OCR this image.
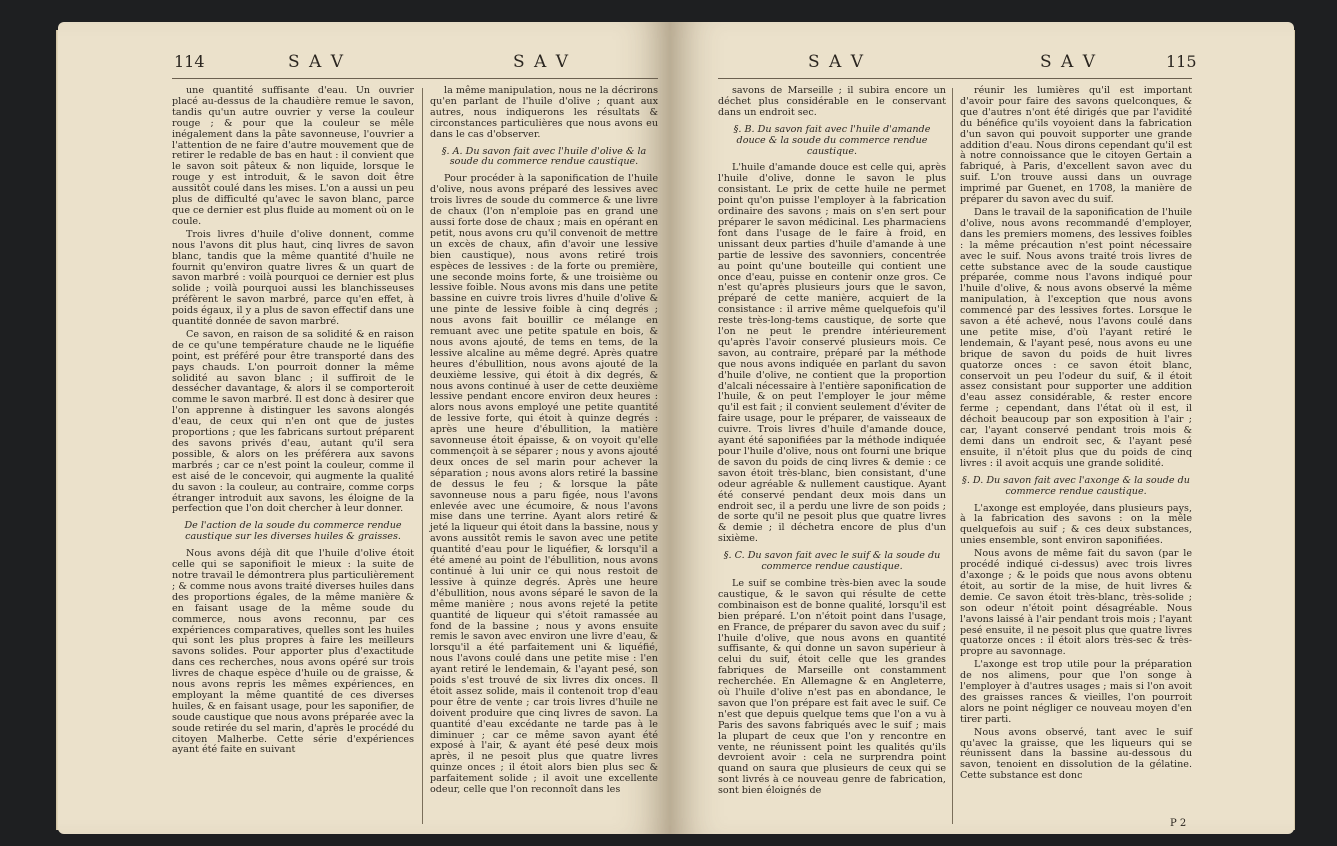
114	S A V	S A V

une quantité suffisante d'eau. Un ouvrier placé au-dessus de la chaudière remue le savon, tandis qu'un autre ouvrier y verse la couleur rouge ; & pour que la couleur se mêle inégalement dans la pâte savonneuse, l'ouvrier a l'attention de ne faire d'autre mouvement que de retirer le redable de bas en haut : il convient que le savon soit pâteux & non liquide, lorsque le rouge y est introduit, & le savon doit être aussitôt coulé dans les mises. L'on a aussi un peu plus de difficulté qu'avec le savon blanc, parce que ce dernier est plus fluide au moment où on le coule.

Trois livres d'huile d'olive donnent, comme nous l'avons dit plus haut, cinq livres de savon blanc, tandis que la même quantité d'huile ne fournit qu'environ quatre livres & un quart de savon marbré : voilà pourquoi ce dernier est plus solide ; voilà pourquoi aussi les blanchisseuses préfèrent le savon marbré, parce qu'en effet, à poids égaux, il y a plus de savon effectif dans une quantité donnée de savon marbré.

Ce savon, en raison de sa solidité & en raison de ce qu'une température chaude ne le liquéfie point, est préféré pour être transporté dans des pays chauds. L'on pourroit donner la même solidité au savon blanc ; il suffiroit de le dessécher davantage, & alors il se comporteroit comme le savon marbré. Il est donc à desirer que l'on apprenne à distinguer les savons alongés d'eau, de ceux qui n'en ont que de justes proportions ; que les fabricans surtout préparent des savons privés d'eau, autant qu'il sera possible, & alors on les préférera aux savons marbrés ; car ce n'est point la couleur, comme il est aisé de le concevoir, qui augmente la qualité du savon : la couleur, au contraire, comme corps étranger introduit aux savons, les éloigne de la perfection que l'on doit chercher à leur donner.

De l'action de la soude du commerce rendue caustique sur les diverses huiles & graisses.

Nous avons déjà dit que l'huile d'olive étoit celle qui se saponifioit le mieux : la suite de notre travail le démontrera plus particulièrement ; & comme nous avons traité diverses huiles dans des proportions égales, de la même manière & en faisant usage de la même soude du commerce, nous avons reconnu, par ces expériences comparatives, quelles sont les huiles qui sont les plus propres à faire les meilleurs savons solides. Pour apporter plus d'exactitude dans ces recherches, nous avons opéré sur trois livres de chaque espèce d'huile ou de graisse, & nous avons repris les mêmes expériences, en employant la même quantité de ces diverses huiles, & en faisant usage, pour les saponifier, de soude caustique que nous avons préparée avec la soude retirée du sel marin, d'après le procédé du citoyen Malherbe. Cette série d'expériences ayant été faite en suivant

la même manipulation, nous ne la décrirons qu'en parlant de l'huile d'olive ; quant aux autres, nous indiquerons les résultats & circonstances particulières que nous avons eu dans le cas d'observer.

§. A. Du savon fait avec l'huile d'olive & la soude du commerce rendue caustique.

Pour procéder à la saponification de l'huile d'olive, nous avons préparé des lessives avec trois livres de soude du commerce & une livre de chaux (l'on n'emploie pas en grand une aussi forte dose de chaux ; mais en opérant en petit, nous avons cru qu'il convenoit de mettre un excès de chaux, afin d'avoir une lessive bien caustique), nous avons retiré trois espèces de lessives : de la forte ou première, une seconde moins forte, & une troisième ou lessive foible. Nous avons mis dans une petite bassine en cuivre trois livres d'huile d'olive & une pinte de lessive foible à cinq degrés ; nous avons fait bouillir ce mélange en remuant avec une petite spatule en bois, & nous avons ajouté, de tems en tems, de la lessive alcaline au même degré. Après quatre heures d'ébullition, nous avons ajouté de la deuxième lessive, qui étoit à dix degrés, & nous avons continué à user de cette deuxième lessive pendant encore environ deux heures : alors nous avons employé une petite quantité de lessive forte, qui étoit à quinze degrés : après une heure d'ébullition, la matière savonneuse étoit épaisse, & on voyoit qu'elle commençoit à se séparer ; nous y avons ajouté deux onces de sel marin pour achever la séparation ; nous avons alors retiré la bassine de dessus le feu ; & lorsque la pâte savonneuse nous a paru figée, nous l'avons enlevée avec une écumoire, & nous l'avons mise dans une terrine. Ayant alors retiré & jeté la liqueur qui étoit dans la bassine, nous y avons aussitôt remis le savon avec une petite quantité d'eau pour le liquéfier, & lorsqu'il a été amené au point de l'ébullition, nous avons continué à lui unir ce qui nous restoit de lessive à quinze degrés. Après une heure d'ébullition, nous avons séparé le savon de la même manière ; nous avons rejeté la petite quantité de liqueur qui s'étoit ramassée au fond de la bassine ; nous y avons ensuite remis le savon avec environ une livre d'eau, & lorsqu'il a été parfaitement uni & liquéfié, nous l'avons coulé dans une petite mise : l'en ayant retiré le lendemain, & l'ayant pesé, son poids s'est trouvé de six livres dix onces. Il étoit assez solide, mais il contenoit trop d'eau pour être de vente ; car trois livres d'huile ne doivent produire que cinq livres de savon. La quantité d'eau excédante ne tarde pas à le diminuer ; car ce même savon ayant été exposé à l'air, & ayant été pesé deux mois après, il ne pesoit plus que quatre livres quinze onces ; il étoit alors bien plus sec & parfaitement solide ; il avoit une excellente odeur, celle que l'on reconnoît dans les

S A V	S A V	115

savons de Marseille ; il subira encore un déchet plus considérable en le conservant dans un endroit sec.

§. B. Du savon fait avec l'huile d'amande douce & la soude du commerce rendue caustique.

L'huile d'amande douce est celle qui, après l'huile d'olive, donne le savon le plus consistant. Le prix de cette huile ne permet point qu'on puisse l'employer à la fabrication ordinaire des savons ; mais on s'en sert pour préparer le savon médicinal. Les pharmaciens font dans l'usage de le faire à froid, en unissant deux parties d'huile d'amande à une partie de lessive des savonniers, concentrée au point qu'une bouteille qui contient une once d'eau, puisse en contenir onze gros. Ce n'est qu'après plusieurs jours que le savon, préparé de cette manière, acquiert de la consistance : il arrive même quelquefois qu'il reste très-long-tems caustique, de sorte que l'on ne peut le prendre intérieurement qu'après l'avoir conservé plusieurs mois. Ce savon, au contraire, préparé par la méthode que nous avons indiquée en parlant du savon d'huile d'olive, ne contient que la proportion d'alcali nécessaire à l'entière saponification de l'huile, & on peut l'employer le jour même qu'il est fait ; il convient seulement d'éviter de faire usage, pour le préparer, de vaisseaux de cuivre. Trois livres d'huile d'amande douce, ayant été saponifiées par la méthode indiquée pour l'huile d'olive, nous ont fourni une brique de savon du poids de cinq livres & demie : ce savon étoit très-blanc, bien consistant, d'une odeur agréable & nullement caustique. Ayant été conservé pendant deux mois dans un endroit sec, il a perdu une livre de son poids ; de sorte qu'il ne pesoit plus que quatre livres & demie ; il déchetra encore de plus d'un sixième.

§. C. Du savon fait avec le suif & la soude du commerce rendue caustique.

Le suif se combine très-bien avec la soude caustique, & le savon qui résulte de cette combinaison est de bonne qualité, lorsqu'il est bien préparé. L'on n'étoit point dans l'usage, en France, de préparer du savon avec du suif ; l'huile d'olive, que nous avons en quantité suffisante, & qui donne un savon supérieur à celui du suif, étoit celle que les grandes fabriques de Marseille ont constamment recherchée. En Allemagne & en Angleterre, où l'huile d'olive n'est pas en abondance, le savon que l'on prépare est fait avec le suif. Ce n'est que depuis quelque tems que l'on a vu à Paris des savons fabriqués avec le suif ; mais la plupart de ceux que l'on y rencontre en vente, ne réunissent point les qualités qu'ils devroient avoir : cela ne surprendra point quand on saura que plusieurs de ceux qui se sont livrés à ce nouveau genre de fabrication, sont bien éloignés de

réunir les lumières qu'il est important d'avoir pour faire des savons quelconques, & que d'autres n'ont été dirigés que par l'avidité du bénéfice qu'ils voyoient dans la fabrication d'un savon qui pouvoit supporter une grande addition d'eau. Nous dirons cependant qu'il est à notre connoissance que le citoyen Gertain a fabriqué, à Paris, d'excellent savon avec du suif. L'on trouve aussi dans un ouvrage imprimé par Guenet, en 1708, la manière de préparer du savon avec du suif.

Dans le travail de la saponification de l'huile d'olive, nous avons recommandé d'employer, dans les premiers momens, des lessives foibles : la même précaution n'est point nécessaire avec le suif. Nous avons traité trois livres de cette substance avec de la soude caustique préparée, comme nous l'avons indiqué pour l'huile d'olive, & nous avons observé la même manipulation, à l'exception que nous avons commencé par des lessives fortes. Lorsque le savon a été achevé, nous l'avons coulé dans une petite mise, d'où l'ayant retiré le lendemain, & l'ayant pesé, nous avons eu une brique de savon du poids de huit livres quatorze onces : ce savon étoit blanc, conservoit un peu l'odeur du suif, & il étoit assez consistant pour supporter une addition d'eau assez considérable, & rester encore ferme ; cependant, dans l'état où il est, il déchoit beaucoup par son exposition à l'air ; car, l'ayant conservé pendant trois mois & demi dans un endroit sec, & l'ayant pesé ensuite, il n'étoit plus que du poids de cinq livres : il avoit acquis une grande solidité.

§. D. Du savon fait avec l'axonge & la soude du commerce rendue caustique.

L'axonge est employée, dans plusieurs pays, à la fabrication des savons : on la mêle quelquefois au suif ; & ces deux substances, unies ensemble, sont environ saponifiées.

Nous avons de même fait du savon (par le procédé indiqué ci-dessus) avec trois livres d'axonge ; & le poids que nous avons obtenu étoit, au sortir de la mise, de huit livres & demie. Ce savon étoit très-blanc, très-solide ; son odeur n'étoit point désagréable. Nous l'avons laissé à l'air pendant trois mois ; l'ayant pesé ensuite, il ne pesoit plus que quatre livres quatorze onces : il étoit alors très-sec & très-propre au savonnage.

L'axonge est trop utile pour la préparation de nos alimens, pour que l'on songe à l'employer à d'autres usages ; mais si l'on avoit des graisses rances & vieilles, l'on pourroit alors ne point négliger ce nouveau moyen d'en tirer parti.

Nous avons observé, tant avec le suif qu'avec la graisse, que les liqueurs qui se réunissent dans la bassine au-dessous du savon, tenoient en dissolution de la gélatine. Cette substance est donc

P 2
